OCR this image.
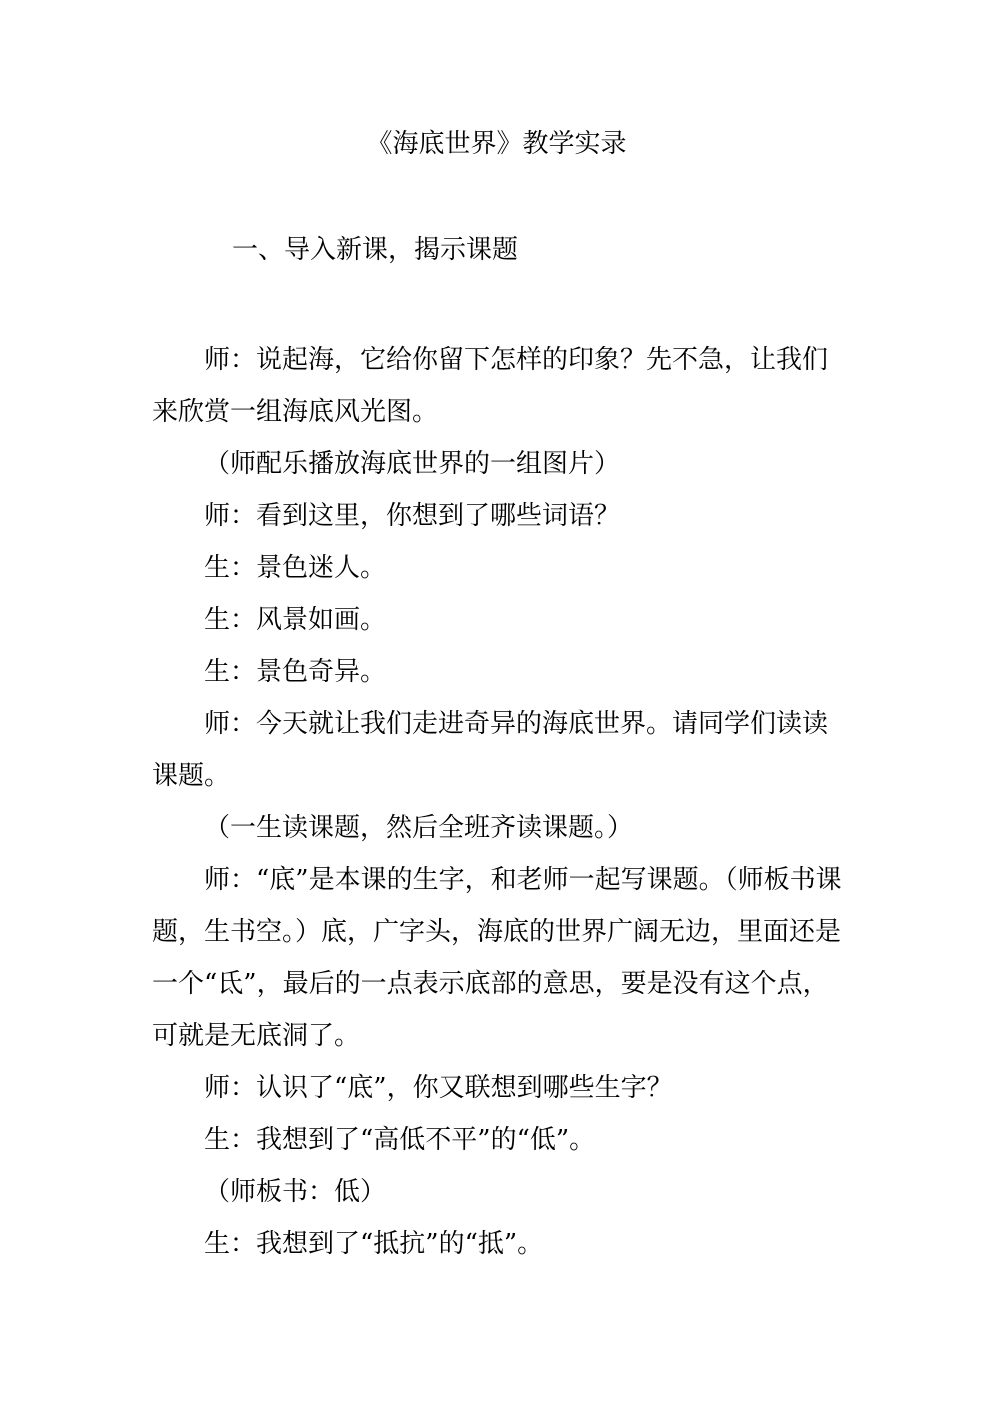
《海底世界》教学实录
一、导入新课，揭示课题

师：说起海，它给你留下怎样的印象？先不急，让我们来欣赏一组海底风光图。

（师配乐播放海底世界的一组图片）

师：看到这里，你想到了哪些词语？

生：景色迷人。

生：风景如画。

生：景色奇异。

师：今天就让我们走进奇异的海底世界。请同学们读读课题。

（一生读课题，然后全班齐读课题。）

师：“底”是本课的生字，和老师一起写课题。（师板书课题，生书空。）底，广字头，海底的世界广阔无边，里面还是一个“氐”，最后的一点表示底部的意思，要是没有这个点，可就是无底洞了。

师：认识了“底”，你又联想到哪些生字？

生：我想到了“高低不平”的“低”。

（师板书：低）

生：我想到了“抵抗”的“抵”。
